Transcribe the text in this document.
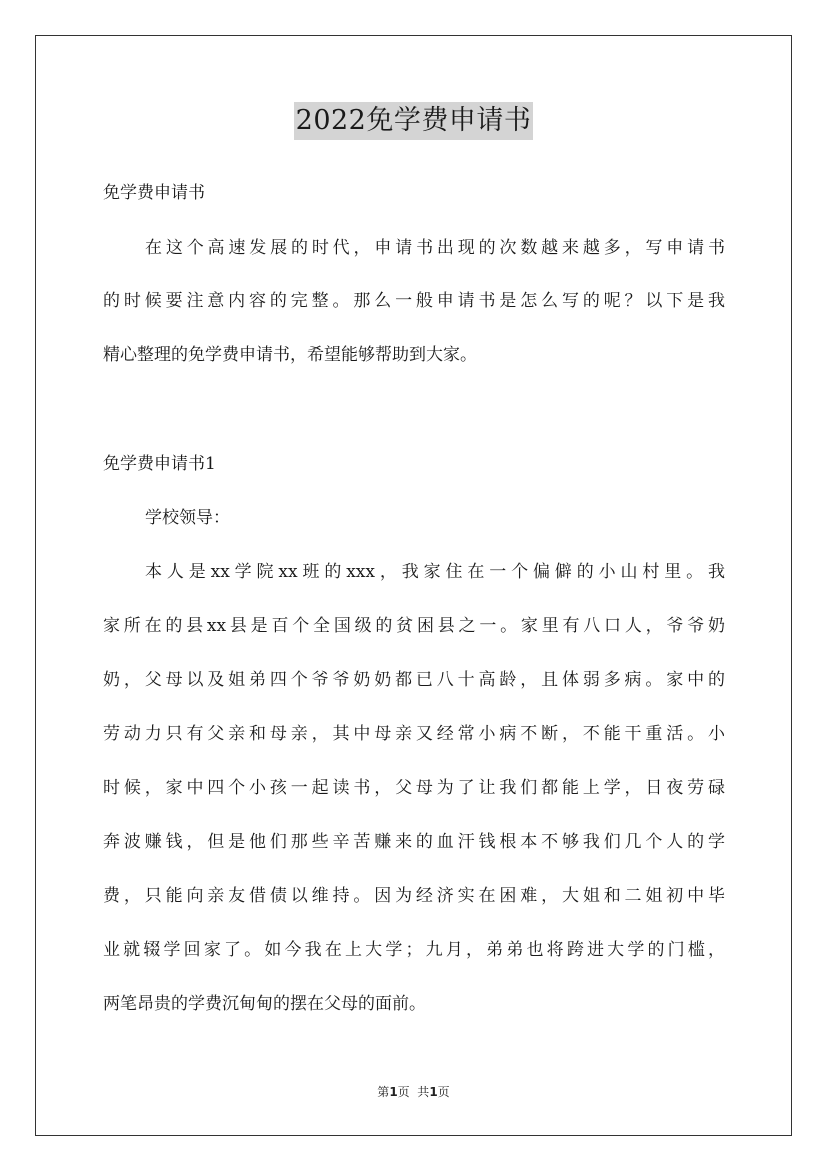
2022免学费申请书
免学费申请书
在这个高速发展的时代，申请书出现的次数越来越多，写申请书
的时候要注意内容的完整。那么一般申请书是怎么写的呢？以下是我
精心整理的免学费申请书，希望能够帮助到大家。
免学费申请书1
学校领导：
本人是xx学院xx班的xxx，我家住在一个偏僻的小山村里。我
家所在的县xx县是百个全国级的贫困县之一。家里有八口人，爷爷奶
奶，父母以及姐弟四个爷爷奶奶都已八十高龄，且体弱多病。家中的
劳动力只有父亲和母亲，其中母亲又经常小病不断，不能干重活。小
时候，家中四个小孩一起读书，父母为了让我们都能上学，日夜劳碌
奔波赚钱，但是他们那些辛苦赚来的血汗钱根本不够我们几个人的学
费，只能向亲友借债以维持。因为经济实在困难，大姐和二姐初中毕
业就辍学回家了。如今我在上大学；九月，弟弟也将跨进大学的门槛，
两笔昂贵的学费沉甸甸的摆在父母的面前。
第1页  共1页
